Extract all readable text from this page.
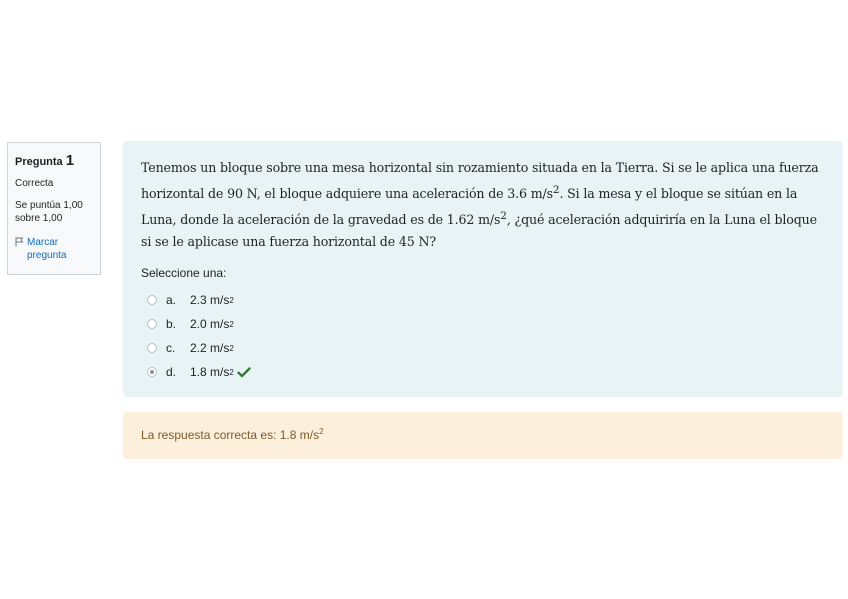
Pregunta 1
Correcta
Se puntúa 1,00 sobre 1,00
Marcar pregunta
Tenemos un bloque sobre una mesa horizontal sin rozamiento situada en la Tierra. Si se le aplica una fuerza horizontal de 90 N, el bloque adquiere una aceleración de 3.6 $m/s^2$. Si la mesa y el bloque se sitúan en la Luna, donde la aceleración de la gravedad es de 1.62 $m/s^2$, ¿qué aceleración adquiriría en la Luna el bloque si se le aplicase una fuerza horizontal de 45 N?
Seleccione una:
a.	2.3 m/s 2
b.	2.0 m/s 2
c.	2.2 m/s 2
d.	1.8 m/s 2
La respuesta correcta es: 1.8 $m/s^2$
